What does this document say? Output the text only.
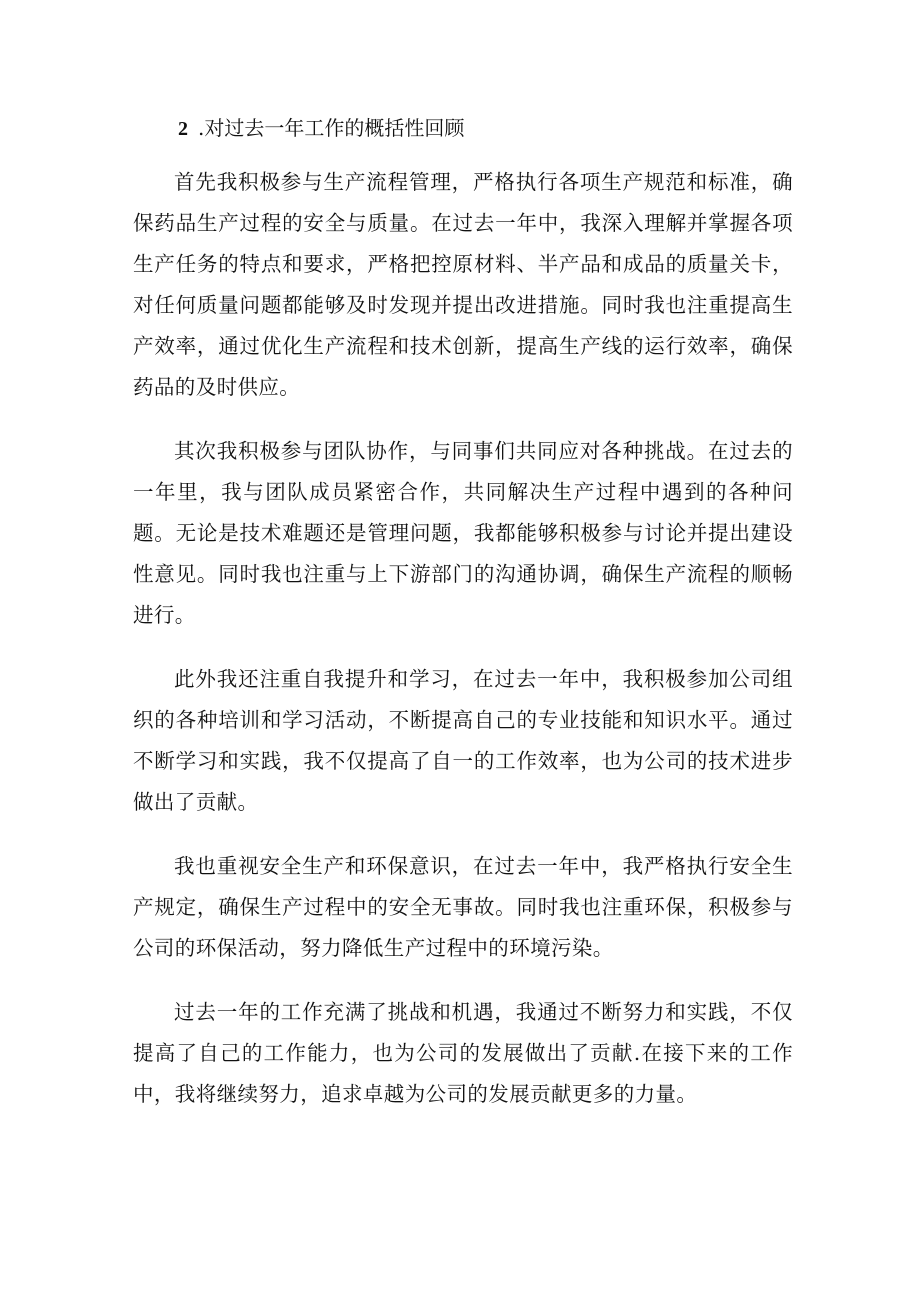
2 .对过去一年工作的概括性回顾

首先我积极参与生产流程管理，严格执行各项生产规范和标准，确保药品生产过程的安全与质量。在过去一年中，我深入理解并掌握各项生产任务的特点和要求，严格把控原材料、半产品和成品的质量关卡，对任何质量问题都能够及时发现并提出改进措施。同时我也注重提高生产效率，通过优化生产流程和技术创新，提高生产线的运行效率，确保药品的及时供应。

其次我积极参与团队协作，与同事们共同应对各种挑战。在过去的一年里，我与团队成员紧密合作，共同解决生产过程中遇到的各种问题。无论是技术难题还是管理问题，我都能够积极参与讨论并提出建设性意见。同时我也注重与上下游部门的沟通协调，确保生产流程的顺畅进行。

此外我还注重自我提升和学习，在过去一年中，我积极参加公司组织的各种培训和学习活动，不断提高自己的专业技能和知识水平。通过不断学习和实践，我不仅提高了自一的工作效率，也为公司的技术进步做出了贡献。

我也重视安全生产和环保意识，在过去一年中，我严格执行安全生产规定，确保生产过程中的安全无事故。同时我也注重环保，积极参与公司的环保活动，努力降低生产过程中的环境污染。

过去一年的工作充满了挑战和机遇，我通过不断努力和实践，不仅提高了自己的工作能力，也为公司的发展做出了贡献.在接下来的工作中，我将继续努力，追求卓越为公司的发展贡献更多的力量。
